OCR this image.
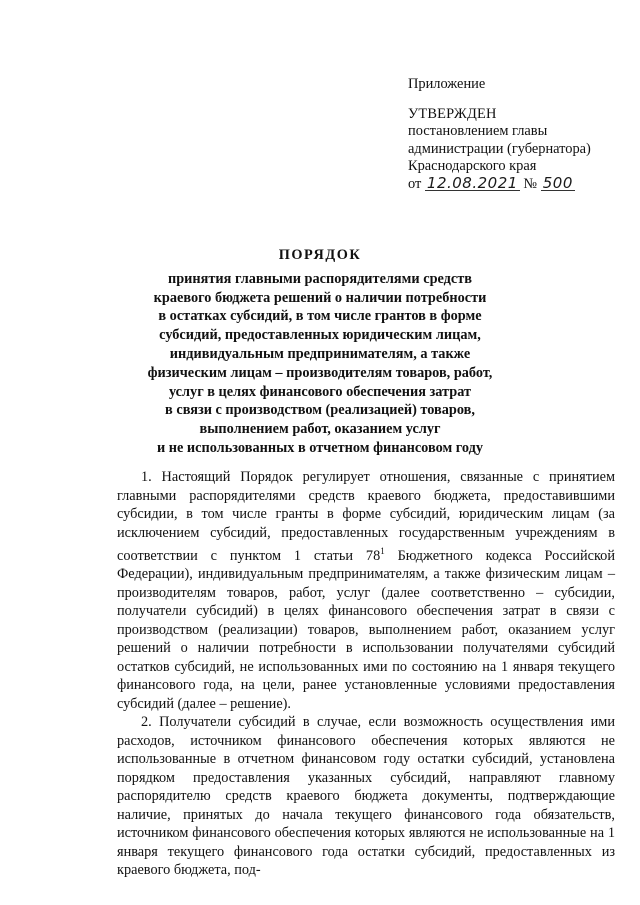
Приложение
УТВЕРЖДЕН
постановлением главы
администрации (губернатора)
Краснодарского края
от 12.08.2021 № 500
ПОРЯДОК
принятия главными распорядителями средств
краевого бюджета решений о наличии потребности
в остатках субсидий, в том числе грантов в форме
субсидий, предоставленных юридическим лицам,
индивидуальным предпринимателям, а также
физическим лицам – производителям товаров, работ,
услуг в целях финансового обеспечения затрат
в связи с производством (реализацией) товаров,
выполнением работ, оказанием услуг
и не использованных в отчетном финансовом году

1. Настоящий Порядок регулирует отношения, связанные с принятием главными распорядителями средств краевого бюджета, предоставившими субсидии, в том числе гранты в форме субсидий, юридическим лицам (за исключением субсидий, предоставленных государственным учреждениям в соответствии с пунктом 1 статьи $78^1$ Бюджетного кодекса Российской Федерации), индивидуальным предпринимателям, а также физическим лицам – производителям товаров, работ, услуг (далее соответственно – субсидии, получатели субсидий) в целях финансового обеспечения затрат в связи с производством (реализации) товаров, выполнением работ, оказанием услуг решений о наличии потребности в использовании получателями субсидий остатков субсидий, не использованных ими по состоянию на 1 января текущего финансового года, на цели, ранее установленные условиями предоставления субсидий (далее – решение).

2. Получатели субсидий в случае, если возможность осуществления ими расходов, источником финансового обеспечения которых являются не использованные в отчетном финансовом году остатки субсидий, установлена порядком предоставления указанных субсидий, направляют главному распорядителю средств краевого бюджета документы, подтверждающие наличие, принятых до начала текущего финансового года обязательств, источником финансового обеспечения которых являются не использованные на 1 января текущего финансового года остатки субсидий, предоставленных из краевого бюджета, под-
